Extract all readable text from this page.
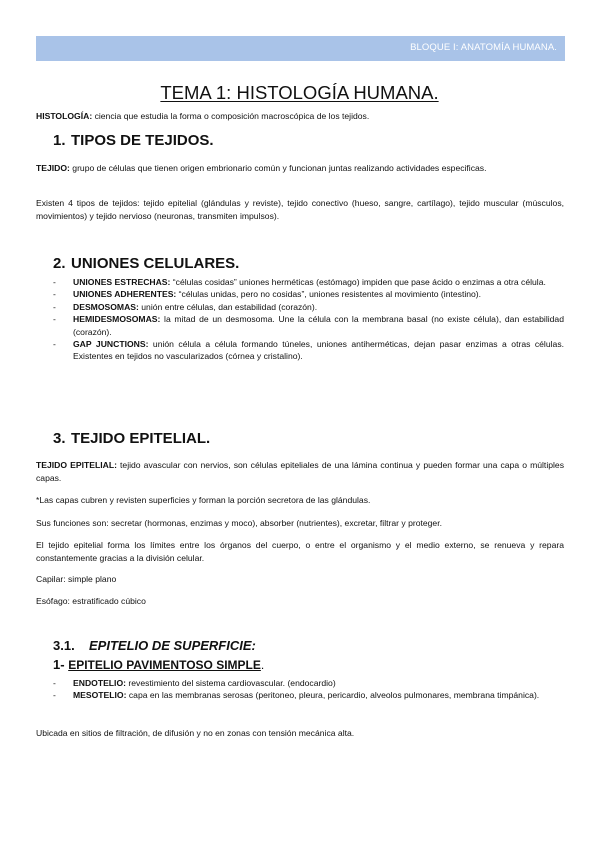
BLOQUE I: ANATOMÍA HUMANA.
TEMA 1: HISTOLOGÍA HUMANA.
HISTOLOGÍA: ciencia que estudia la forma o composición macroscópica de los tejidos.
1. TIPOS DE TEJIDOS.
TEJIDO: grupo de células que tienen origen embrionario común y funcionan juntas realizando actividades especificas.
Existen 4 tipos de tejidos: tejido epitelial (glándulas y reviste), tejido conectivo (hueso, sangre, cartílago), tejido muscular (músculos, movimientos) y tejido nervioso (neuronas, transmiten impulsos).
2. UNIONES CELULARES.
- UNIONES ESTRECHAS: “células cosidas” uniones herméticas (estómago) impiden que pase ácido o enzimas a otra célula.
- UNIONES ADHERENTES: “células unidas, pero no cosidas”, uniones resistentes al movimiento (intestino).
- DESMOSOMAS: unión entre células, dan estabilidad (corazón).
- HEMIDESMOSOMAS: la mitad de un desmosoma. Une la célula con la membrana basal (no existe célula), dan estabilidad (corazón).
- GAP JUNCTIONS: unión célula a célula formando túneles, uniones antiherméticas, dejan pasar enzimas a otras células. Existentes en tejidos no vascularizados (córnea y cristalino).
3. TEJIDO EPITELIAL.
TEJIDO EPITELIAL: tejido avascular con nervios, son células epiteliales de una lámina continua y pueden formar una capa o múltiples capas.
*Las capas cubren y revisten superficies y forman la porción secretora de las glándulas.
Sus funciones son: secretar (hormonas, enzimas y moco), absorber (nutrientes), excretar, filtrar y proteger.
El tejido epitelial forma los límites entre los órganos del cuerpo, o entre el organismo y el medio externo, se renueva y repara constantemente gracias a la división celular.
Capilar: simple plano
Esófago: estratificado cúbico
3.1. EPITELIO DE SUPERFICIE:
1- EPITELIO PAVIMENTOSO SIMPLE.
- ENDOTELIO: revestimiento del sistema cardiovascular. (endocardio)
- MESOTELIO: capa en las membranas serosas (peritoneo, pleura, pericardio, alveolos pulmonares, membrana timpánica).
Ubicada en sitios de filtración, de difusión y no en zonas con tensión mecánica alta.
